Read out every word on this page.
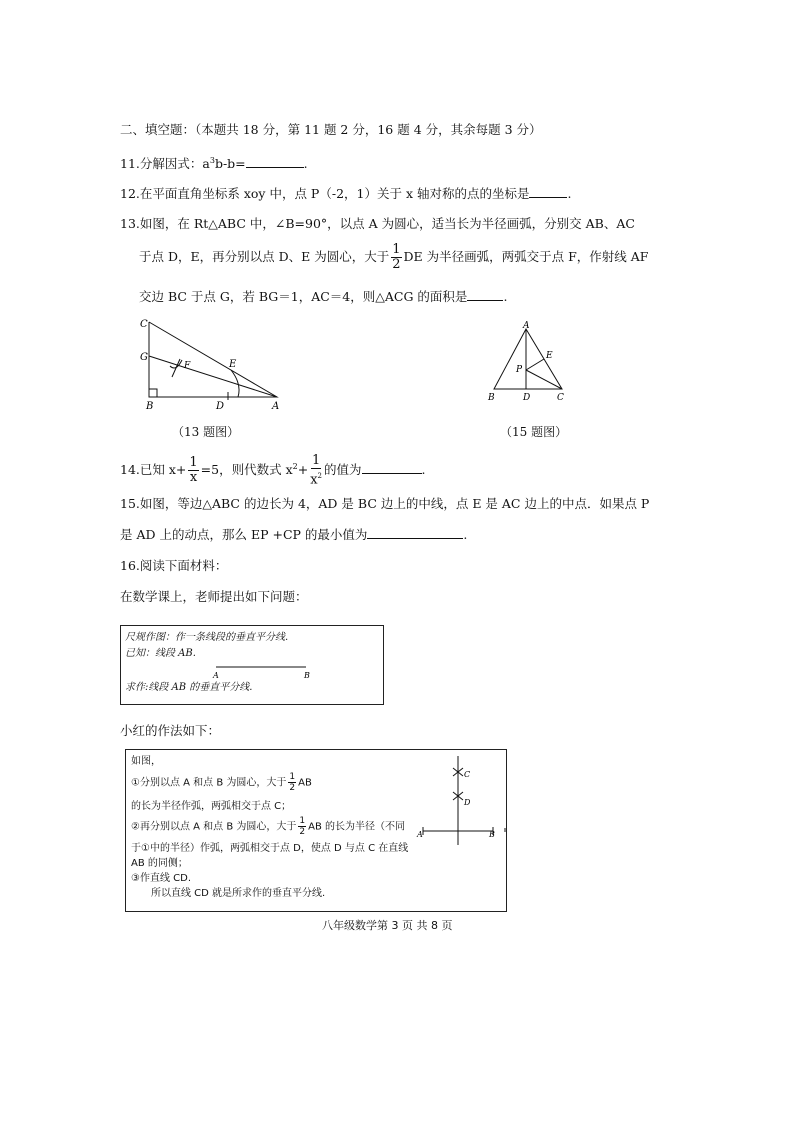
二、填空题：（本题共 18 分，第 11 题 2 分，16 题 4 分，其余每题 3 分）
11.分解因式：$a^3b-b=$	.
12.在平面直角坐标系 xoy 中，点 P（-2，1）关于 x 轴对称的点的坐标是	.
13.如图，在 Rt△ABC 中，∠B=90°，以点 A 为圆心，适当长为半径画弧，分别交 AB、AC
于点 D，E，再分别以点 D、E 为圆心，大于 $\frac{1}{2}$ DE 为半径画弧，两弧交于点 F，作射线 AF
交边 BC 于点 G，若 BG＝1，AC＝4，则△ACG 的面积是	.
C
G
F	E
B	D	A
A
E
P
B	D	C
（13 题图）	（15 题图）
14.已知 $x+ \frac{1}{x} =5$，则代数式 $x^2+ \frac{1}{x^2}$ 的值为	.
15.如图，等边△ABC 的边长为 4，AD 是 BC 边上的中线，点 E 是 AC 边上的中点．如果点 P
是 AD 上的动点，那么 EP +CP 的最小值为	.
16.阅读下面材料：
在数学课上，老师提出如下问题：
尺规作图：作一条线段的垂直平分线.
已知：线段 AB.
A	B
求作:线段 AB 的垂直平分线.
小红的作法如下：
如图，
①分别以点 A 和点 B 为圆心，大于 $\frac{1}{2}$ AB
的长为半径作弧，两弧相交于点 C；
②再分别以点 A 和点 B 为圆心，大于 $\frac{1}{2}$ AB 的长为半径（不同
于①中的半径）作弧，两弧相交于点 D，使点 D 与点 C 在直线
AB 的同侧；
③作直线 CD.
所以直线 CD 就是所求作的垂直平分线.
C
D
A	B
八年级数学第 3 页 共 8 页
